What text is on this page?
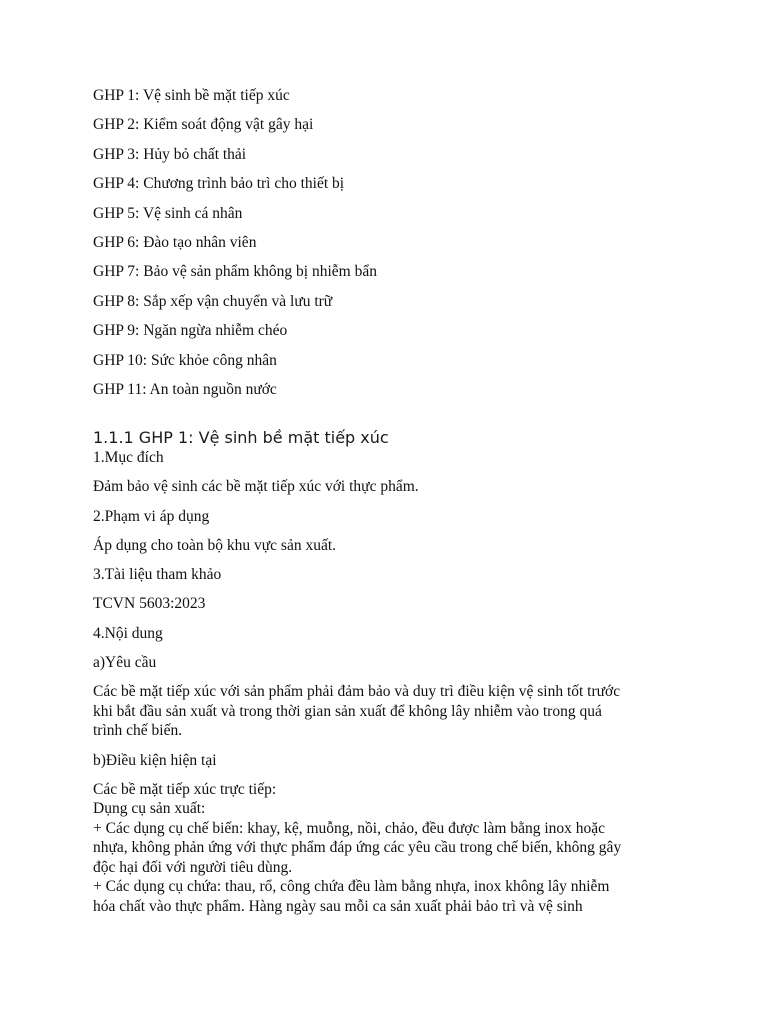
GHP 1: Vệ sinh bề mặt tiếp xúc
GHP 2: Kiểm soát động vật gây hại
GHP 3: Hủy bỏ chất thải
GHP 4: Chương trình bảo trì cho thiết bị
GHP 5: Vệ sinh cá nhân
GHP 6: Đào tạo nhân viên
GHP 7: Bảo vệ sản phẩm không bị nhiễm bẩn
GHP 8: Sắp xếp vận chuyển và lưu trữ
GHP 9: Ngăn ngừa nhiễm chéo
GHP 10: Sức khỏe công nhân
GHP 11: An toàn nguồn nước
1.1.1 GHP 1: Vệ sinh bề mặt tiếp xúc
1.Mục đích
Đảm bảo vệ sinh các bề mặt tiếp xúc với thực phẩm.
2.Phạm vi áp dụng
Áp dụng cho toàn bộ khu vực sản xuất.
3.Tài liệu tham khảo
TCVN 5603:2023
4.Nội dung
a)Yêu cầu
Các bề mặt tiếp xúc với sản phẩm phải đảm bảo và duy trì điều kiện vệ sinh tốt trước
khi bắt đầu sản xuất và trong thời gian sản xuất để không lây nhiễm vào trong quá
trình chế biến.
b)Điều kiện hiện tại
Các bề mặt tiếp xúc trực tiếp:
Dụng cụ sản xuất:
+ Các dụng cụ chế biến: khay, kệ, muỗng, nồi, chảo, đều được làm bằng inox hoặc
nhựa, không phản ứng với thực phẩm đáp ứng các yêu cầu trong chế biến, không gây
độc hại đối với người tiêu dùng.
+ Các dụng cụ chứa: thau, rổ, công chứa đều làm bằng nhựa, inox không lây nhiễm
hóa chất vào thực phẩm. Hàng ngày sau mỗi ca sản xuất phải bảo trì và vệ sinh
